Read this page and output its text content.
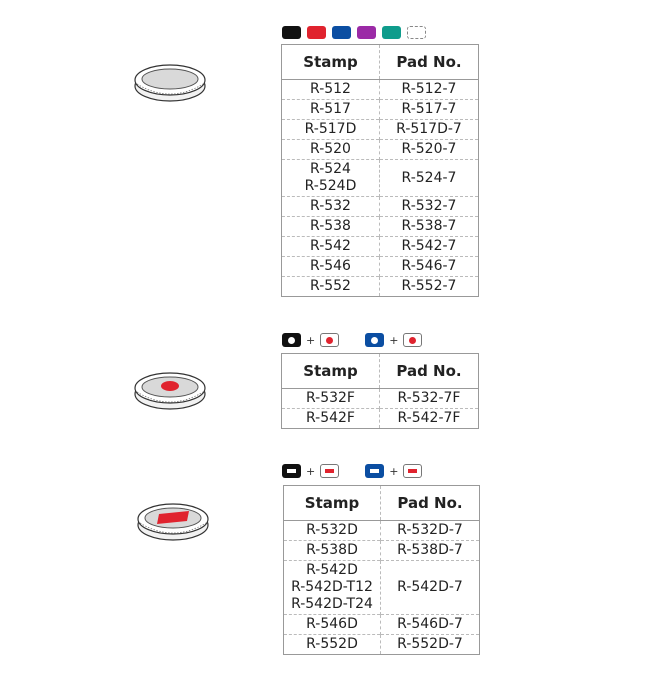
Stamp	Pad No.
R-512	R-512-7
R-517	R-517-7
R-517D	R-517D-7
R-520	R-520-7

R-524
R-524D	R-524-7
R-532	R-532-7
R-538	R-538-7
R-542	R-542-7
R-546	R-546-7
R-552	R-552-7
+	+
Stamp	Pad No.
R-532F	R-532-7F
R-542F	R-542-7F
+	+
Stamp	Pad No.
R-532D	R-532D-7
R-538D	R-538D-7

R-542D
R-542D-T12
R-542D-T24	R-542D-7
R-546D	R-546D-7
R-552D	R-552D-7
